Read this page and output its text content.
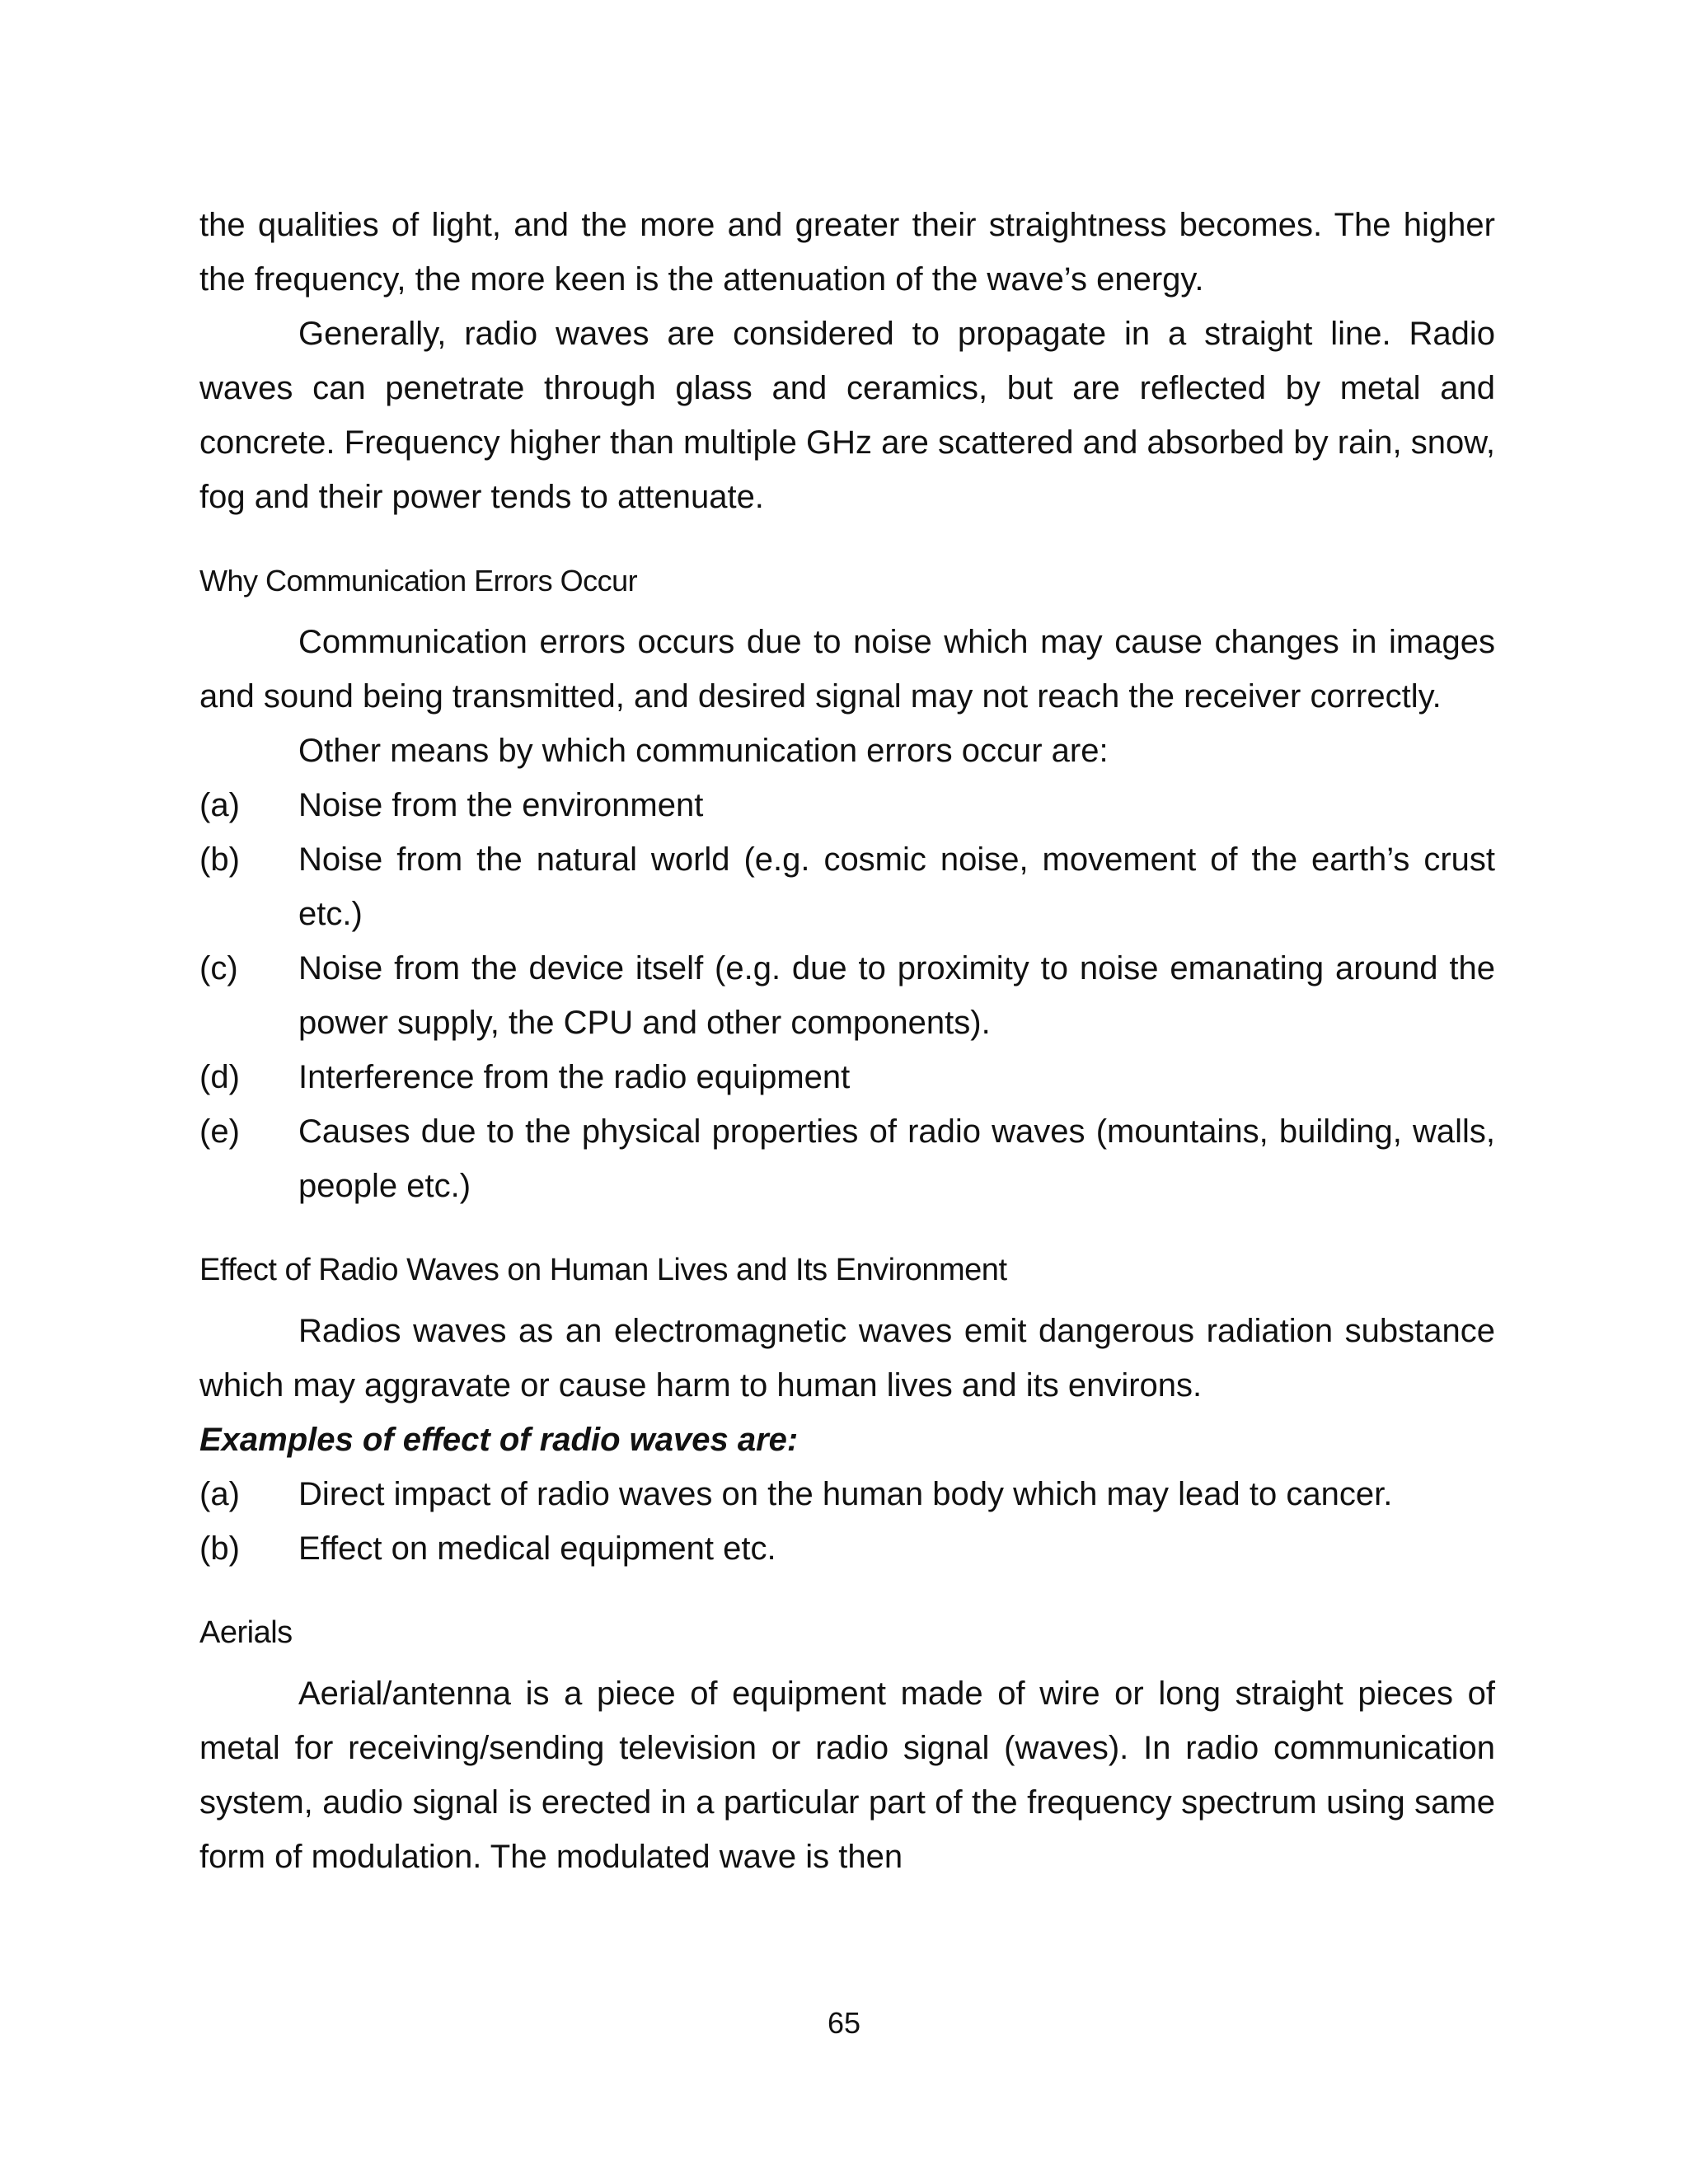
the qualities of light, and the more and greater their straightness becomes. The higher the frequency, the more keen is the attenuation of the wave’s energy.

Generally, radio waves are considered to propagate in a straight line. Radio waves can penetrate through glass and ceramics, but are reflected by metal and concrete. Frequency higher than multiple GHz are scattered and absorbed by rain, snow, fog and their power tends to attenuate.

Why Communication Errors Occur

Communication errors occurs due to noise which may cause changes in images and sound being transmitted, and desired signal may not reach the receiver correctly.

Other means by which communication errors occur are:

(a)	Noise from the environment
(b)	Noise from the natural world (e.g. cosmic noise, movement of the earth’s crust etc.)
(c)	Noise from the device itself (e.g. due to proximity to noise emanating around the power supply, the CPU and other components).
(d)	Interference from the radio equipment
(e)	Causes due to the physical properties of radio waves (mountains, building, walls, people etc.)
Effect of Radio Waves on Human Lives and Its Environment

Radios waves as an electromagnetic waves emit dangerous radiation substance which may aggravate or cause harm to human lives and its environs.

Examples of effect of radio waves are:

(a)	Direct impact of radio waves on the human body which may lead to cancer.
(b)	Effect on medical equipment etc.
Aerials

Aerial/antenna is a piece of equipment made of wire or long straight pieces of metal for receiving/sending television or radio signal (waves). In radio communication system, audio signal is erected in a particular part of the frequency spectrum using same form of modulation. The modulated wave is then

65
